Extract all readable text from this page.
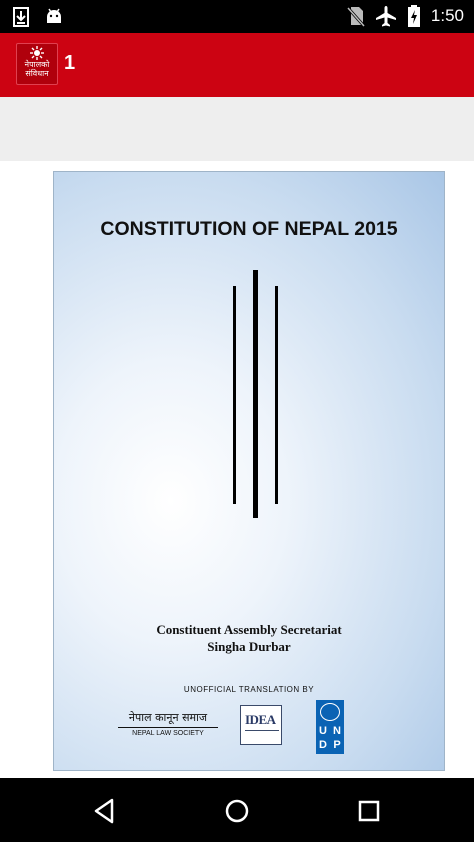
1:50
नेपालको
संविधान 1
CONSTITUTION OF NEPAL 2015
Constituent Assembly Secretariat
Singha Durbar
UNOFFICIAL TRANSLATION BY
नेपाल कानून समाज
NEPAL LAW SOCIETY
IDEA
U N
D P
